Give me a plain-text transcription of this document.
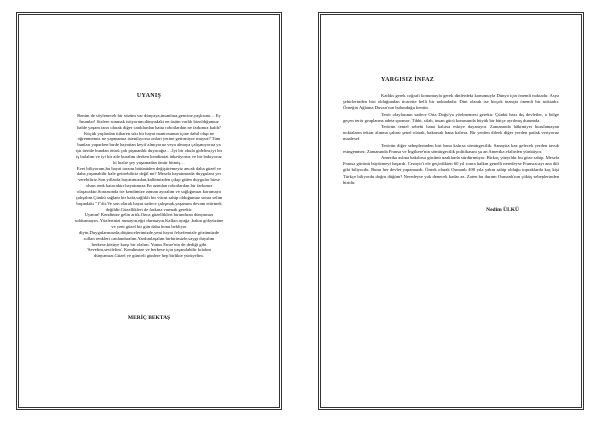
UYANIŞ
Benim de söylenecek bir sözüm var dünyaya,insanlara,gencine,yaşlısına… Ey
İnsanlar! Sizlere sonmak istiyorum,dünyadaki en üstün varlık bizoldığumuz
halde yaşam tarzı olarak diğer canlılardan hatta robotlardan ne farkımız kaldı?
Küçük yaşlardan itibaren sıkı bir hayat mantosunun içine dahil olup ne
öğrenmemiz ne yapmamız istenilıyorsa onları yerine getirmiyor muyuz? Tüm
bunları yaparken bırde hayattan keyif almıyoruz veya almaya çalışmıyoruz ya
iştı üeride bundan ötürü çok pişmanlık duyacağız….İyi bir okula gidelim,iyi bir
iş bulalım ve iyi bir aile kuralım derken kendimizi tüketiyoruz ve bir bakıyoruz
ki hızlıe şey yaşamadan ömür bitmiş…
Evet biliyorum,bu hayat tarzını bütünüden değiştiremeyiz ancak daha güzel ve
daha yaşanabilir hale getirebiliriz değil mi? Mesela hayatımızda duygulara yer
verebiliriz.Son yıllarda hayatımızdan,kalbimizden çıkıp giden duygular bizse
olsun renk katacaktır hayatımıza.En azından robotlardan bir farkımız
olaşacaktır.Sonrasında ise kendimize zaman ayıralım ve sağlığımızı korumaya
çalışalım.Çünkü sağlam bir kafa,sağlıklı bir vücut sahip olduğumuz sonra selim
başındaki "1"dir.Ve son olarak hayat sadece çalışmak,yaşamını devam ettirmek
değildir.Güzellikleri de farkına varmak gerekir.
Uyanın! Kendinize gelin artık.Onca güzellikleri bırundıran dünyamızı
soldurmayın. Yüzlerinizi asmayın,eğri durmayın.Kalkın ayağa ,bakın gökyüzüne
ve yeni güzel bir gün daha bonu bekliyor
diyin.Duygularımızda,düşüncelerimizde,yeni hayat felsefemizle gözümüzde
sollan renkleri canlandıralım.Yardımlaşalım birbirimizle,saygı duyalım
herkese,kötüye karşı bir olalım. Yunus Emre'nin de dediği gibi
'Sevelim,sevilelim'. Kendimize ve herkese için yaşanılabilir kılalım
dünyamızı.Güzel ve günceli günlere hep birlikte yürüyelim.
MERİÇ BEKTAŞ
YARGISIZ İNFAZ

Kadıks gerek coğrafi konumuyla gerek dinlerdeki konumuyla Dünya için önemli noktadır. Asya şehirlerinden biri olduğundan ticarette belli bir noktadadır. Dini olarak ise birçok inançta önemli bir noktadır. Örneğin Ağlama Duvarı'nın bulunduğu kenttir.

Terör olaylarının sadece Orta Doğu'ya yöelmemesi gerekir. Çünkü bazı dış devletler, o bölge geçen terör gruplarına adeta sponsor. Tibbi, silah, insan gücü konusunda büyük bir bütçe ayrılmış durumda.

Terörün temel sebebi bana kalırsa eskiye dayanıyor. Zamanında hâkimiyet kurulamayan noktaların tekrar alınma çabası şenel olarak, bakarsak bana kalırsa. Bir yerden dileek diğer yerden patlak veriyoruz maalesef.

Terörün diğer sebeplerinden biri bana kalırsa sömürgecilik. Sanayiia kaz gelecek yerden tavuk esingenmez. Zamanında Fransa ve İngiltere'nin sömürgecilik politikasını şu an Amerika efalirden yürütüyor.

Amerika aslına bakılırsa gücünü uzaklarda sürdürmüyor. Birkaç yüzyıldır bu göze sahip. Mesela Fransa gücünü büyütmeyi başardı. Cezayir'i ele geçirdikten 60 yıl sonra halkın genelli neredeyse Fransızcayı ana dili gibi biliyordu. Bunu her devlet yapamazdı. Örnek olarak Osmanlı 400 yıla yakın sahip olduğu topraklarda kaç kişi Türkçe biliyordu doğru düğüm? Neredeyse yok denecek kadar az. Zaten bu durum Osmanlı'nın çöküş sebeplerinden biridir.

Nedim ÜLKÜ
